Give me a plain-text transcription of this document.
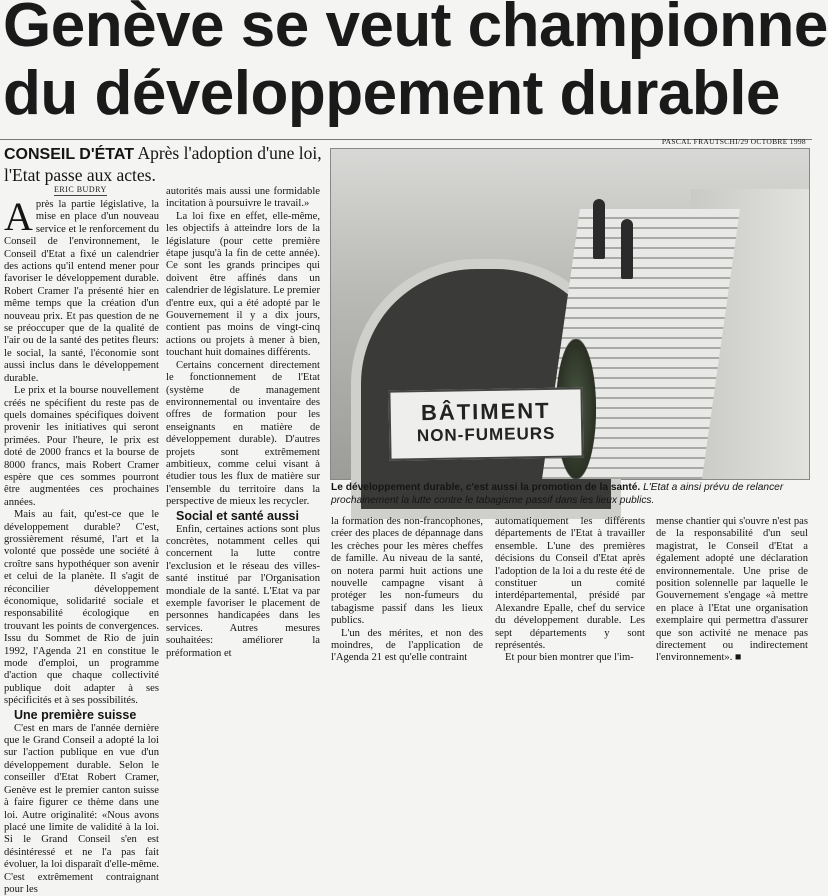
Genève se veut championne
du développement durable
PASCAL FRAUTSCHI/29 OCTOBRE 1998
CONSEIL D'ÉTAT Après l'adoption d'une loi, l'Etat passe aux actes.
ERIC BUDRY

Après la partie législative, la mise en place d'un nouveau service et le renforcement du Conseil de l'environnement, le Conseil d'Etat a fixé un calendrier des actions qu'il entend mener pour favoriser le développement durable. Robert Cramer l'a présenté hier en même temps que la création d'un nouveau prix. Et pas question de ne se préoccuper que de la qualité de l'air ou de la santé des petites fleurs: le social, la santé, l'économie sont aussi inclus dans le développement durable.

Le prix et la bourse nouvellement créés ne spécifient du reste pas de quels domaines spécifiques doivent provenir les initiatives qui seront primées. Pour l'heure, le prix est doté de 2000 francs et la bourse de 8000 francs, mais Robert Cramer espère que ces sommes pourront être augmentées ces prochaines années.

Mais au fait, qu'est-ce que le développement durable? C'est, grossièrement résumé, l'art et la volonté que possède une société à croître sans hypothéquer son avenir et celui de la planète. Il s'agit de réconcilier développement économique, solidarité sociale et responsabilité écologique en trouvant les points de convergences. Issu du Sommet de Rio de juin 1992, l'Agenda 21 en constitue le mode d'emploi, un programme d'action que chaque collectivité publique doit adapter à ses spécificités et à ses possibilités.

Une première suisse

C'est en mars de l'année dernière que le Grand Conseil a adopté la loi sur l'action publique en vue d'un développement durable. Selon le conseiller d'Etat Robert Cramer, Genève est le premier canton suisse à faire figurer ce thème dans une loi. Autre originalité: «Nous avons placé une limite de validité à la loi. Si le Grand Conseil s'en est désintéressé et ne l'a pas fait évoluer, la loi disparaît d'elle-même. C'est extrêmement contraignant pour les

autorités mais aussi une formidable incitation à poursuivre le travail.»

La loi fixe en effet, elle-même, les objectifs à atteindre lors de la législature (pour cette première étape jusqu'à la fin de cette année). Ce sont les grands principes qui doivent être affinés dans un calendrier de législature. Le premier d'entre eux, qui a été adopté par le Gouvernement il y a dix jours, contient pas moins de vingt-cinq actions ou projets à mener à bien, touchant huit domaines différents.

Certains concernent directement le fonctionnement de l'Etat (système de management environnemental ou inventaire des offres de formation pour les enseignants en matière de développement durable). D'autres projets sont extrêmement ambitieux, comme celui visant à étudier tous les flux de matière sur l'ensemble du territoire dans la perspective de mieux les recycler.

Social et santé aussi

Enfin, certaines actions sont plus concrètes, notamment celles qui concernent la lutte contre l'exclusion et le réseau des villes-santé institué par l'Organisation mondiale de la santé. L'Etat va par exemple favoriser le placement de personnes handicapées dans les services. Autres mesures souhaitées: améliorer la préformation et

BÂTIMENT
NON-FUMEURS
Le développement durable, c'est aussi la promotion de la santé. L'Etat a ainsi prévu de relancer prochainement la lutte contre le tabagisme passif dans les lieux publics.

la formation des non-francophones, créer des places de dépannage dans les crèches pour les mères cheffes de famille. Au niveau de la santé, on notera parmi huit actions une nouvelle campagne visant à protéger les non-fumeurs du tabagisme passif dans les lieux publics.

L'un des mérites, et non des moindres, de l'application de l'Agenda 21 est qu'elle contraint

automatiquement les différents départements de l'Etat à travailler ensemble. L'une des premières décisions du Conseil d'Etat après l'adoption de la loi a du reste été de constituer un comité interdépartemental, présidé par Alexandre Epalle, chef du service du développement durable. Les sept départements y sont représentés.

Et pour bien montrer que l'im-

mense chantier qui s'ouvre n'est pas de la responsabilité d'un seul magistrat, le Conseil d'Etat a également adopté une déclaration environnementale. Une prise de position solennelle par laquelle le Gouvernement s'engage «à mettre en place à l'Etat une organisation exemplaire qui permettra d'assurer que son activité ne menace pas directement ou indirectement l'environnement». ■
